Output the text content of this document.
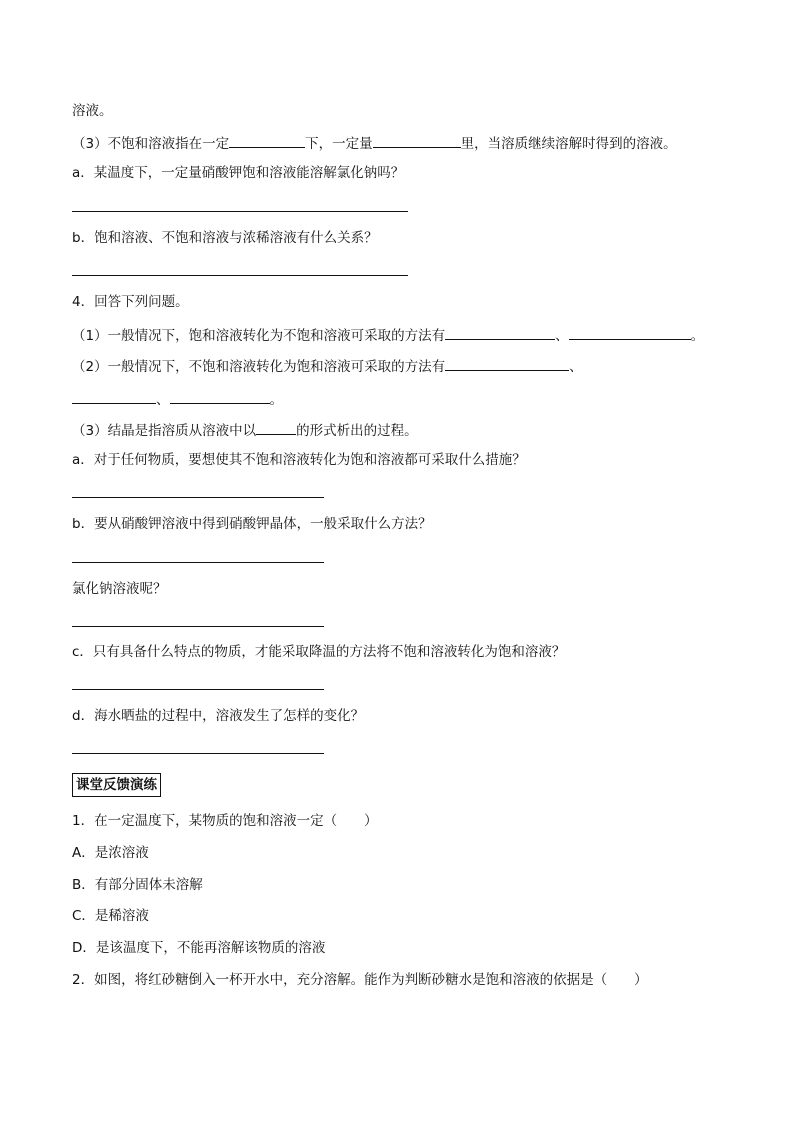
溶液。
（3）不饱和溶液指在一定	下，一定量	里，当溶质继续溶解时得到的溶液。
a．某温度下，一定量硝酸钾饱和溶液能溶解氯化钠吗？
b．饱和溶液、不饱和溶液与浓稀溶液有什么关系？
4．回答下列问题。
（1）一般情况下，饱和溶液转化为不饱和溶液可采取的方法有	、	。
（2）一般情况下，不饱和溶液转化为饱和溶液可采取的方法有	、
、	。
（3）结晶是指溶质从溶液中以	的形式析出的过程。
a．对于任何物质，要想使其不饱和溶液转化为饱和溶液都可采取什么措施？
b．要从硝酸钾溶液中得到硝酸钾晶体，一般采取什么方法？
氯化钠溶液呢？
c．只有具备什么特点的物质，才能采取降温的方法将不饱和溶液转化为饱和溶液？
d．海水晒盐的过程中，溶液发生了怎样的变化？
课堂反馈演练
1．在一定温度下，某物质的饱和溶液一定（　　）
A．是浓溶液
B．有部分固体未溶解
C．是稀溶液
D．是该温度下，不能再溶解该物质的溶液
2．如图，将红砂糖倒入一杯开水中，充分溶解。能作为判断砂糖水是饱和溶液的依据是（　　）
